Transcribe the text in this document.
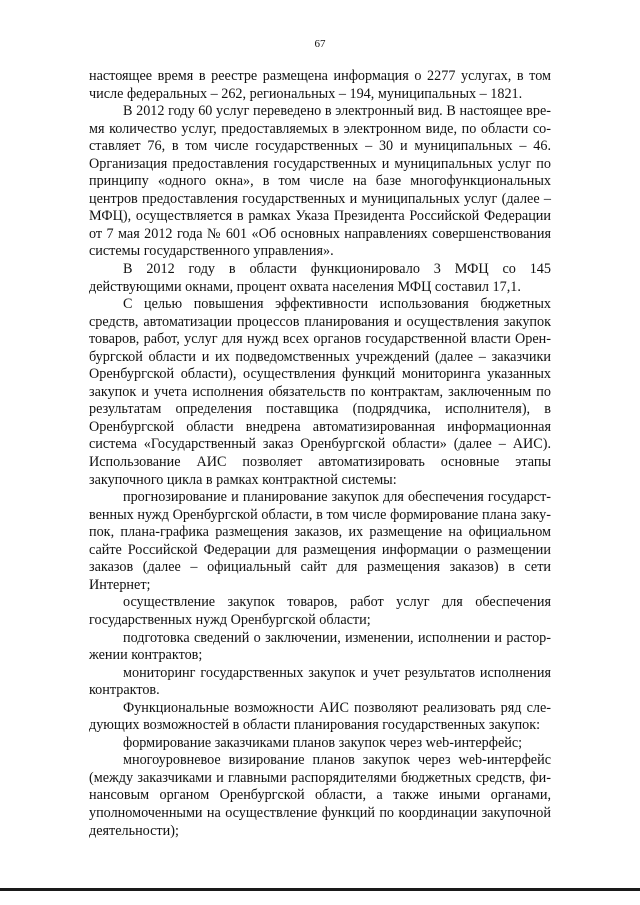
67

настоящее время в реестре размещена информация о 2277 услугах, в том числе федеральных – 262, региональных – 194, муниципальных – 1821.

В 2012 году 60 услуг переведено в электронный вид. В настоящее время количество услуг, предоставляемых в электронном виде, по области составляет 76, в том числе государственных – 30 и муниципальных – 46. Организация предоставления государственных и муниципальных услуг по принципу «одного окна», в том числе на базе многофункциональных центров предоставления государственных и муниципальных услуг (далее – МФЦ), осуществляется в рамках Указа Президента Российской Федерации от 7 мая 2012 года № 601 «Об основных направлениях совершенствования системы государственного управления».

В 2012 году в области функционировало 3 МФЦ со 145 действующими окнами, процент охвата населения МФЦ составил 17,1.

С целью повышения эффективности использования бюджетных средств, автоматизации процессов планирования и осуществления закупок товаров, работ, услуг для нужд всех органов государственной власти Оренбургской области и их подведомственных учреждений (далее – заказчики Оренбургской области), осуществления функций мониторинга указанных закупок и учета исполнения обязательств по контрактам, заключенным по результатам определения поставщика (подрядчика, исполнителя), в Оренбургской области внедрена автоматизированная информационная система «Государственный заказ Оренбургской области» (далее – АИС). Использование АИС позволяет автоматизировать основные этапы закупочного цикла в рамках контрактной системы:

прогнозирование и планирование закупок для обеспечения государственных нужд Оренбургской области, в том числе формирование плана закупок, плана-графика размещения заказов, их размещение на официальном сайте Российской Федерации для размещения информации о размещении заказов (далее – официальный сайт для размещения заказов) в сети Интернет;

осуществление закупок товаров, работ услуг для обеспечения государственных нужд Оренбургской области;

подготовка сведений о заключении, изменении, исполнении и расторжении контрактов;

мониторинг государственных закупок и учет результатов исполнения контрактов.

Функциональные возможности АИС позволяют реализовать ряд следующих возможностей в области планирования государственных закупок:

формирование заказчиками планов закупок через web-интерфейс;

многоуровневое визирование планов закупок через web-интерфейс (между заказчиками и главными распорядителями бюджетных средств, финансовым органом Оренбургской области, а также иными органами, уполномоченными на осуществление функций по координации закупочной деятельности);
